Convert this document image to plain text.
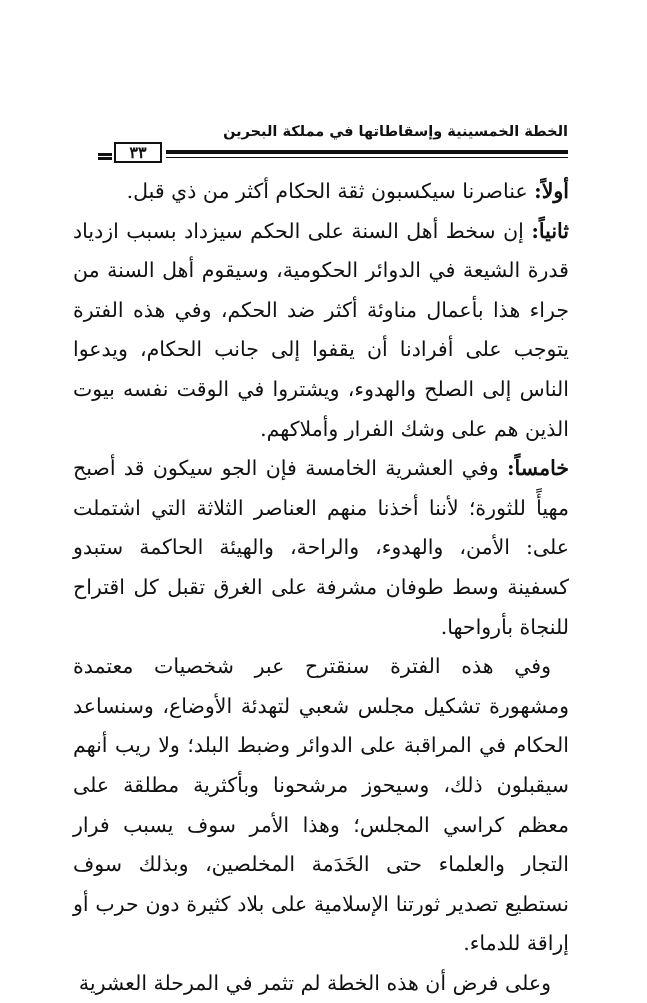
٣٣
الخطة الخمسينية وإسقاطاتها في مملكة البحرين

أولاً: عناصرنا سيكسبون ثقة الحكام أكثر من ذي قبل.

ثانياً: إن سخط أهل السنة على الحكم سيزداد بسبب ازدياد قدرة الشيعة في الدوائر الحكومية، وسيقوم أهل السنة من جراء هذا بأعمال مناوئة أكثر ضد الحكم، وفي هذه الفترة يتوجب على أفرادنا أن يقفوا إلى جانب الحكام، ويدعوا الناس إلى الصلح والهدوء، ويشتروا في الوقت نفسه بيوت الذين هم على وشك الفرار وأملاكهم.

خامساً: وفي العشرية الخامسة فإن الجو سيكون قد أصبح مهيأً للثورة؛ لأننا أخذنا منهم العناصر الثلاثة التي اشتملت على: الأمن، والهدوء، والراحة، والهيئة الحاكمة ستبدو كسفينة وسط طوفان مشرفة على الغرق تقبل كل اقتراح للنجاة بأرواحها.

وفي هذه الفترة سنقترح عبر شخصيات معتمدة ومشهورة تشكيل مجلس شعبي لتهدئة الأوضاع، وسنساعد الحكام في المراقبة على الدوائر وضبط البلد؛ ولا ريب أنهم سيقبلون ذلك، وسيحوز مرشحونا وبأكثرية مطلقة على معظم كراسي المجلس؛ وهذا الأمر سوف يسبب فرار التجار والعلماء حتى الخَدَمة المخلصين، وبذلك سوف نستطيع تصدير ثورتنا الإسلامية على بلاد كثيرة دون حرب أو إراقة للدماء.

وعلى فرض أن هذه الخطة لم تثمر في المرحلة العشرية
